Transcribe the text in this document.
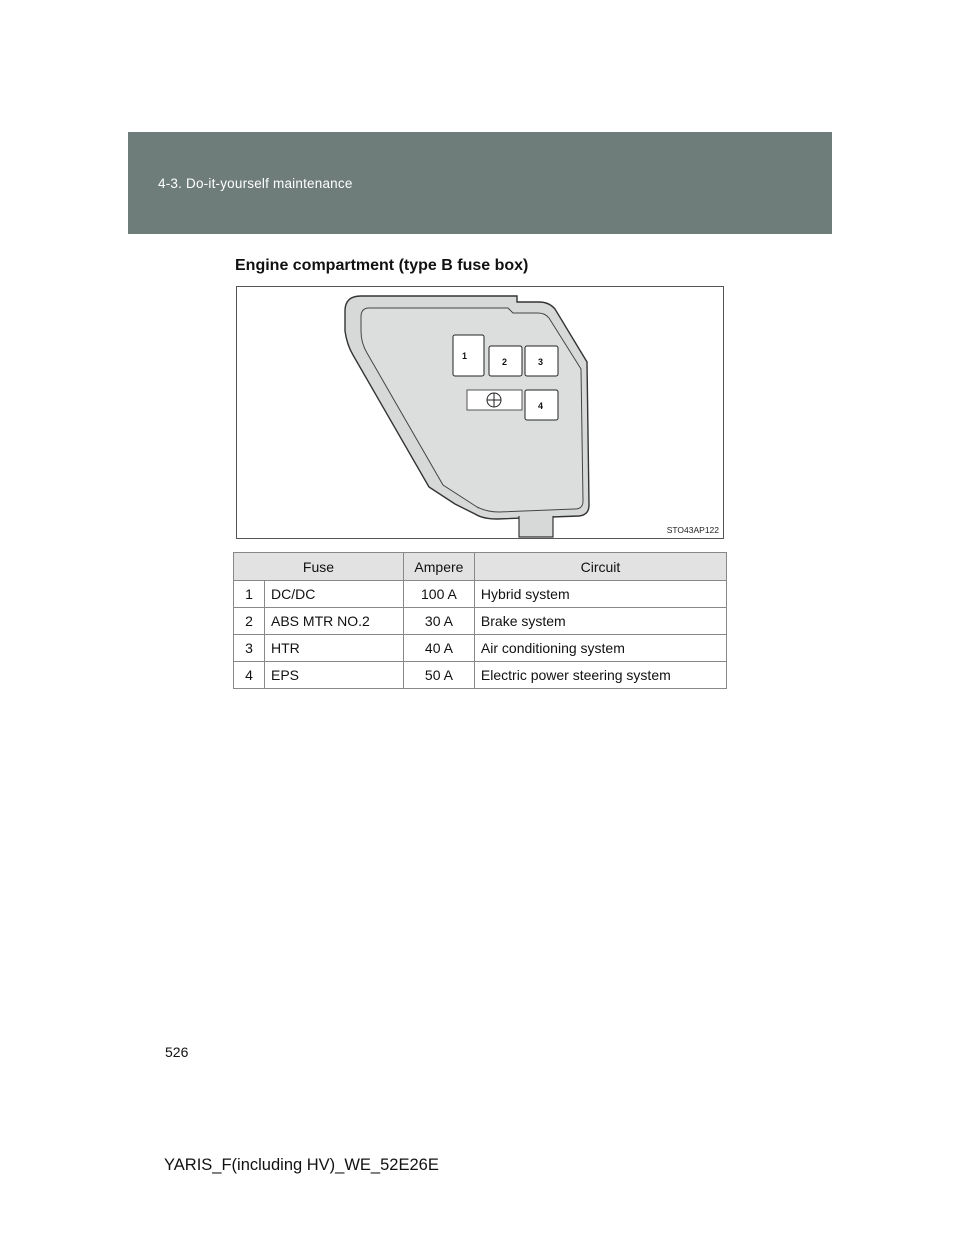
4-3. Do-it-yourself maintenance
Engine compartment (type B fuse box)
1
2	3
4
STO43AP122
Fuse		Ampere	Circuit
1	DC/DC	100 A	Hybrid system
2	ABS MTR NO.2	30 A	Brake system
3	HTR	40 A	Air conditioning system
4	EPS	50 A	Electric power steering system
526
YARIS_F(including HV)_WE_52E26E
